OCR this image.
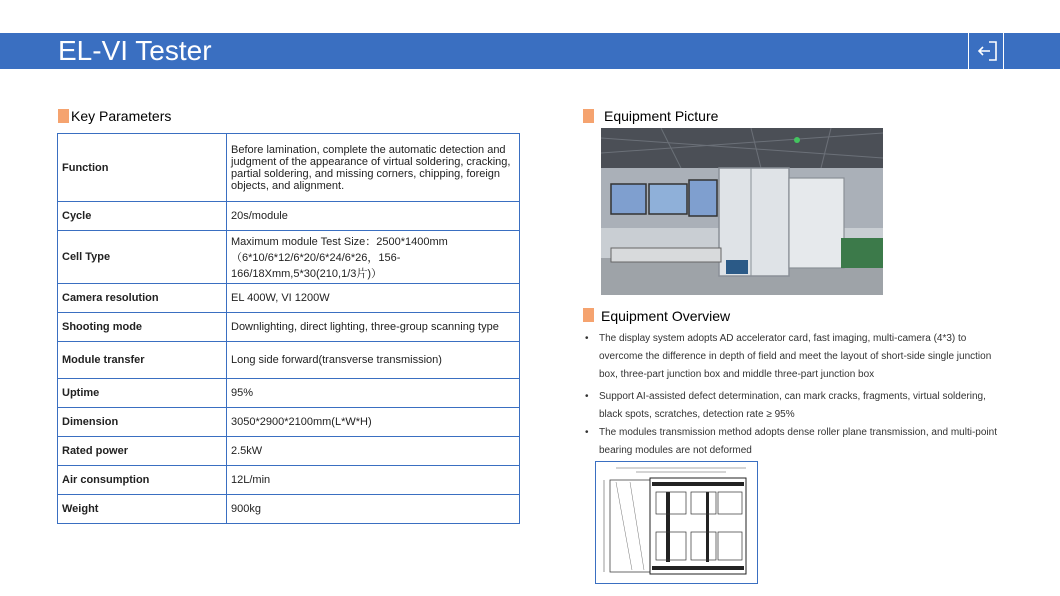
EL-VI Tester
Key Parameters
Function	Before lamination, complete the automatic detection and judgment of the appearance of virtual soldering, cracking, partial soldering, and missing corners, chipping, foreign objects, and alignment.
Cycle	20s/module
Cell Type	Maximum module Test Size：2500*1400mm（6*10/6*12/6*20/6*24/6*26，156-166/18Xmm,5*30(210,1/3片)）
Camera resolution	EL 400W, VI 1200W
Shooting mode	Downlighting, direct lighting, three-group scanning type
Module transfer	Long side forward(transverse transmission)
Uptime	95%
Dimension	3050*2900*2100mm(L*W*H)
Rated power	2.5kW
Air consumption	12L/min
Weight	900kg
Equipment Picture
Equipment Overview
• The display system adopts AD accelerator card, fast imaging, multi-camera (4*3) to overcome the difference in depth of field and meet the layout of short-side single junction box, three-part junction box and middle three-part junction box
• Support AI-assisted defect determination, can mark cracks, fragments, virtual soldering, black spots, scratches, detection rate ≥ 95%
• The modules transmission method adopts dense roller plane transmission, and multi-point bearing modules are not deformed
